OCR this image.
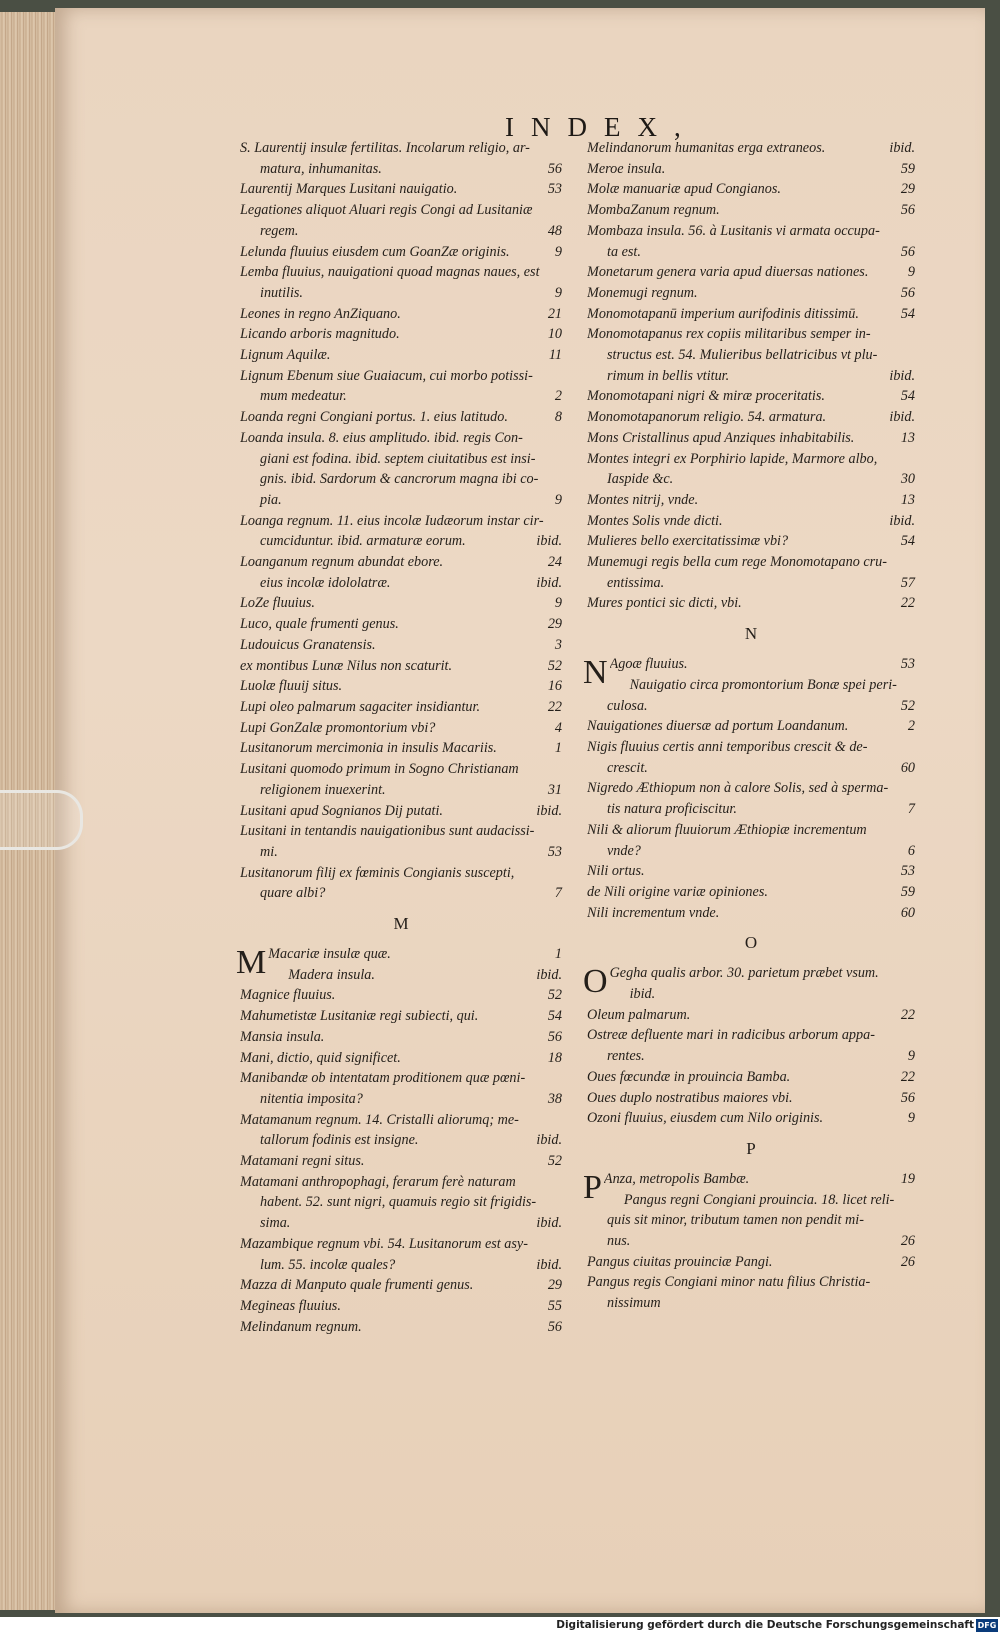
INDEX,
S. Laurentij insulæ fertilitas. Incolarum religio, ar-
matura, inhumanitas.	56
Laurentij Marques Lusitani nauigatio.	53
Legationes aliquot Aluari regis Congi ad Lusitaniæ
regem.	48
Lelunda fluuius eiusdem cum GoanZæ originis.	9
Lemba fluuius, nauigationi quoad magnas naues, est
inutilis.	9
Leones in regno AnZiquano.	21
Licando arboris magnitudo.	10
Lignum Aquilæ.	11
Lignum Ebenum siue Guaiacum, cui morbo potissi-
mum medeatur.	2
Loanda regni Congiani portus. 1. eius latitudo.	8
Loanda insula. 8. eius amplitudo. ibid. regis Con-
giani est fodina. ibid. septem ciuitatibus est insi-
gnis. ibid. Sardorum & cancrorum magna ibi co-
pia.	9
Loanga regnum. 11. eius incolæ Iudæorum instar cir-
cumciduntur. ibid. armaturæ eorum.	ibid.
Loanganum regnum abundat ebore.	24
eius incolæ idololatræ.	ibid.
LoZe fluuius.	9
Luco, quale frumenti genus.	29
Ludouicus Granatensis.	3
ex montibus Lunæ Nilus non scaturit.	52
Luolæ fluuij situs.	16
Lupi oleo palmarum sagaciter insidiantur.	22
Lupi GonZalæ promontorium vbi?	4
Lusitanorum mercimonia in insulis Macariis.	1
Lusitani quomodo primum in Sogno Christianam
religionem inuexerint.	31
Lusitani apud Sognianos Dij putati.	ibid.
Lusitani in tentandis nauigationibus sunt audacissi-
mi.	53
Lusitanorum filij ex fœminis Congianis suscepti,
quare albi?	7
M
M Macariæ insulæ quæ.	1
Madera insula.	ibid.
Magnice fluuius.	52
Mahumetistæ Lusitaniæ regi subiecti, qui.	54
Mansia insula.	56
Mani, dictio, quid significet.	18
Manibandæ ob intentatam proditionem quæ pœni-
nitentia imposita?	38
Matamanum regnum. 14. Cristalli aliorumq; me-
tallorum fodinis est insigne.	ibid.
Matamani regni situs.	52
Matamani anthropophagi, ferarum ferè naturam
habent. 52. sunt nigri, quamuis regio sit frigidis-
sima.	ibid.
Mazambique regnum vbi. 54. Lusitanorum est asy-
lum. 55. incolæ quales?	ibid.
Mazza di Manputo quale frumenti genus.	29
Megineas fluuius.	55
Melindanum regnum.	56
Melindanorum humanitas erga extraneos.	ibid.
Meroe insula.	59
Molæ manuariæ apud Congianos.	29
MombaZanum regnum.	56
Mombaza insula. 56. à Lusitanis vi armata occupa-
ta est.	56
Monetarum genera varia apud diuersas nationes.	9
Monemugi regnum.	56
Monomotapanū imperium aurifodinis ditissimū.	54
Monomotapanus rex copiis militaribus semper in-
structus est. 54. Mulieribus bellatricibus vt plu-
rimum in bellis vtitur.	ibid.
Monomotapani nigri & miræ proceritatis.	54
Monomotapanorum religio. 54. armatura.	ibid.
Mons Cristallinus apud Anziques inhabitabilis.	13
Montes integri ex Porphirio lapide, Marmore albo,
Iaspide &c.	30
Montes nitrij, vnde.	13
Montes Solis vnde dicti.	ibid.
Mulieres bello exercitatissimæ vbi?	54
Munemugi regis bella cum rege Monomotapano cru-
entissima.	57
Mures pontici sic dicti, vbi.	22
N
N Agoæ fluuius.	53
Nauigatio circa promontorium Bonæ spei peri-
culosa.	52
Nauigationes diuersæ ad portum Loandanum.	2
Nigis fluuius certis anni temporibus crescit & de-
crescit.	60
Nigredo Æthiopum non à calore Solis, sed à sperma-
tis natura proficiscitur.	7
Nili & aliorum fluuiorum Æthiopiæ incrementum
vnde?	6
Nili ortus.	53
de Nili origine variæ opiniones.	59
Nili incrementum vnde.	60
O
O Gegha qualis arbor. 30. parietum præbet vsum.
ibid.
Oleum palmarum.	22
Ostreæ defluente mari in radicibus arborum appa-
rentes.	9
Oues fœcundæ in prouincia Bamba.	22
Oues duplo nostratibus maiores vbi.	56
Ozoni fluuius, eiusdem cum Nilo originis.	9
P
P Anza, metropolis Bambæ.	19
Pangus regni Congiani prouincia. 18. licet reli-
quis sit minor, tributum tamen non pendit mi-
nus.	26
Pangus ciuitas prouinciæ Pangi.	26
Pangus regis Congiani minor natu filius Christia-
nissimum
Digitalisierung gefördert durch die Deutsche Forschungsgemeinschaft DFG
